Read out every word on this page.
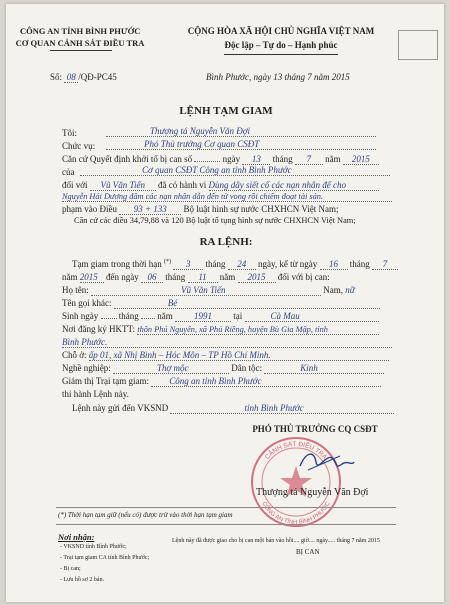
CÔNG AN TỈNH BÌNH PHƯỚC
CƠ QUAN CẢNH SÁT ĐIỀU TRA
CỘNG HÒA XÃ HỘI CHỦ NGHĨA VIỆT NAM
Độc lập – Tự do – Hạnh phúc
Số: 08 /QĐ-PC45	Bình Phước, ngày 13 tháng 7 năm 2015
LỆNH TẠM GIAM
Tôi:	Thượng tá Nguyễn Văn Đợi
Chức vụ:	Phó Thủ trưởng Cơ quan CSĐT
Căn cứ Quyết định khởi tố bị can số	ngày 13 tháng 7 năm 2015
của	Cơ quan CSĐT Công an tỉnh Bình Phước
đối với Vũ Văn Tiến đã có hành vi Dùng dây siết cổ các nạn nhân để cho
Nguyễn Hải Dương đâm các nạn nhân dẫn đến tử vong rồi chiếm đoạt tài sản.
phạm vào Điều 93 + 133 Bộ luật hình sự nước CHXHCN Việt Nam;
Căn cứ các điều 34,79,88 và 120 Bộ luật tố tụng hình sự nước CHXHCN Việt Nam;
RA LỆNH:
Tạm giam trong thời hạn (*) 3 tháng 24 ngày, kể từ ngày 16 tháng 7
năm 2015 đến ngày 06 tháng 11 năm 2015 đối với bị can:
Họ tên:	Vũ Văn Tiến	Nam, nữ
Tên gọi khác:	Bé
Sinh ngày tháng năm 1991 tại	Cà Mau
Nơi đăng ký HKTT: thôn Phú Nguyên, xã Phú Riềng, huyện Bù Gia Mập, tỉnh
Bình Phước.
Chỗ ở: ấp 01, xã Nhị Bình – Hóc Môn – TP Hồ Chí Minh.
Nghề nghiệp:	Thợ mộc	Dân tộc:	Kinh
Giám thị Trại tạm giam: Công an tỉnh Bình Phước
thi hành Lệnh này.
Lệnh này gửi đến VKSND	tỉnh Bình Phước
PHÓ THỦ TRƯỞNG CQ CSĐT
CẢNH SÁT ĐIỀU TRA
CÔNG AN TỈNH BÌNH PHƯỚC
Thượng tá Nguyễn Văn Đợi
(*) Thời hạn tạm giữ (nếu có) được trừ vào thời hạn tạm giam
Nơi nhận:
- VKSND tỉnh Bình Phước;
- Trại tạm giam CA tỉnh Bình Phước;
- Bị can;
- Lưu hồ sơ 2 bản.
Lệnh này đã được giao cho bị can một bản vào hồi.... giờ.... ngày..... tháng 7 năm 2015
BỊ CAN
